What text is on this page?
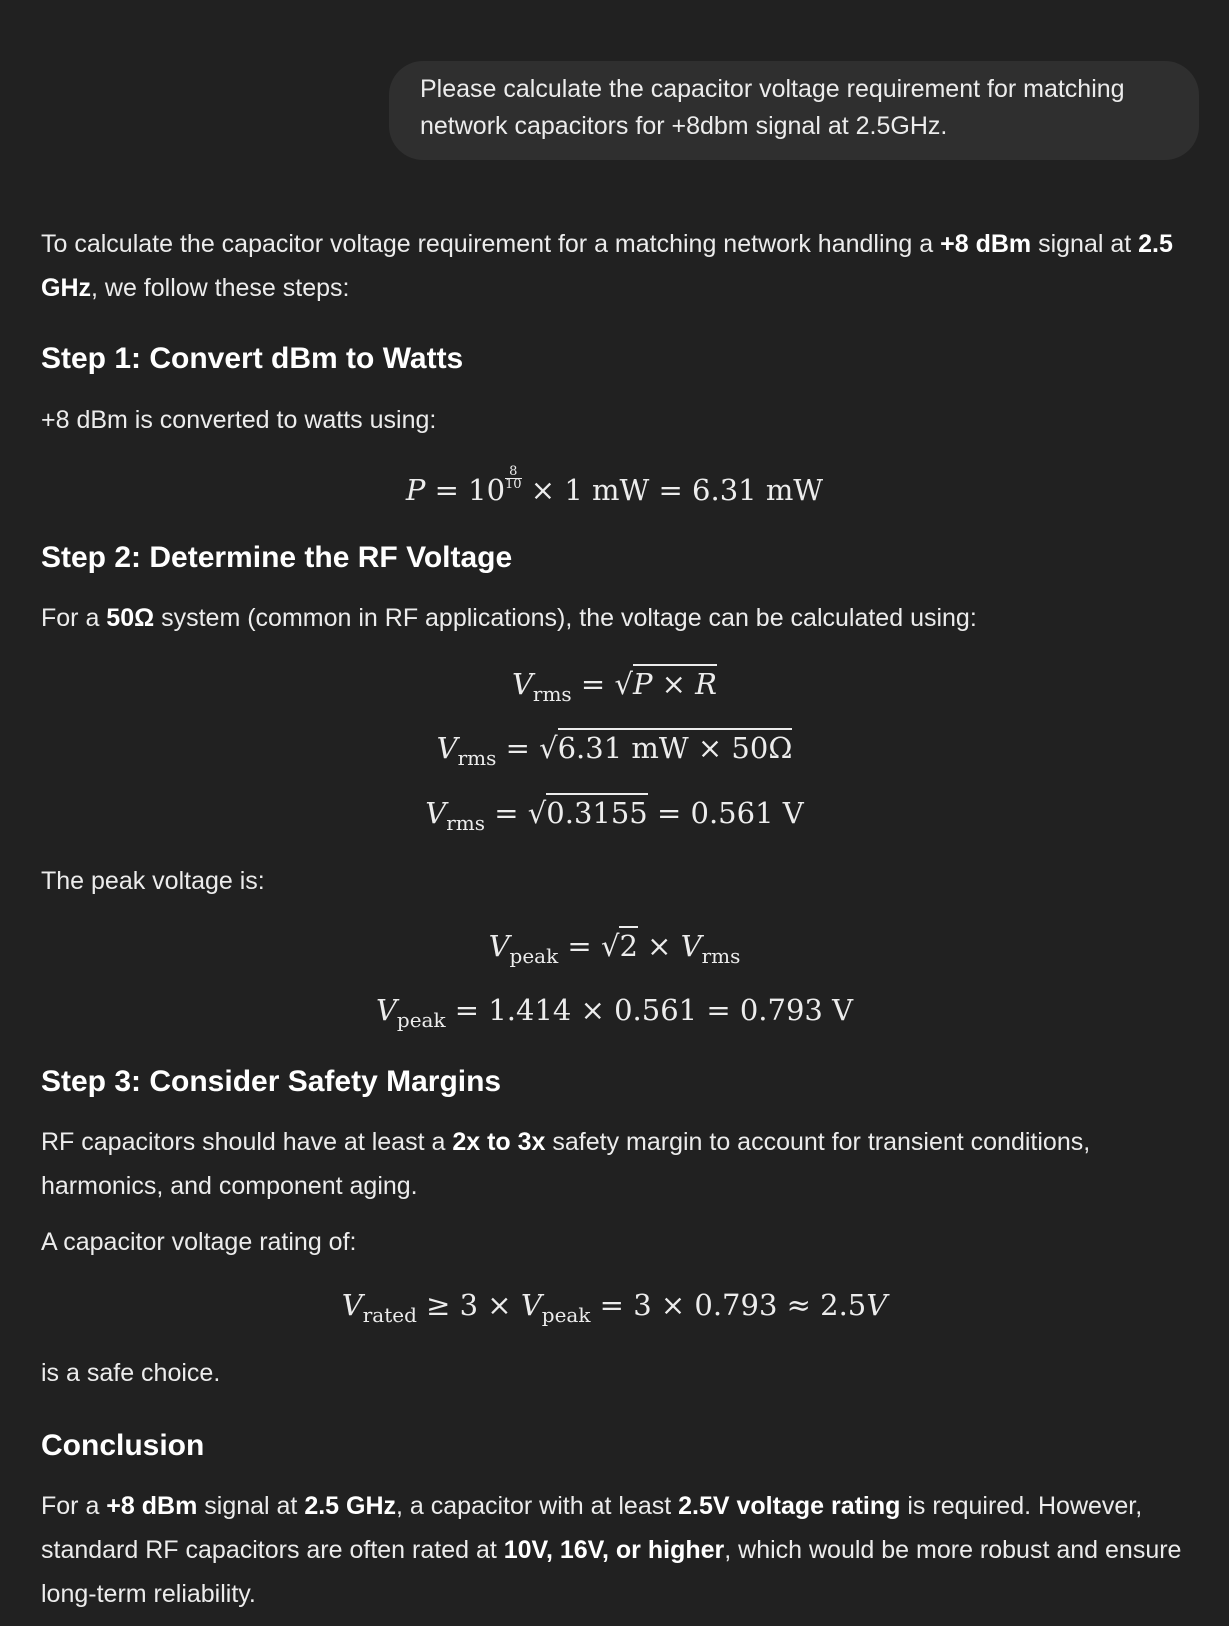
Please calculate the capacitor voltage requirement for matching network capacitors for +8dbm signal at 2.5GHz.

To calculate the capacitor voltage requirement for a matching network handling a +8 dBm signal at 2.5 GHz, we follow these steps:

Step 1: Convert dBm to Watts

+8 dBm is converted to watts using:

$P = 10 \frac{8}{10} \times 1$ mW = 6.31 mW
Step 2: Determine the RF Voltage

For a 50Ω system (common in RF applications), the voltage can be calculated using:

$V_{rms} = √P \times R$
$V_{rms} = √6.31$ mW × 50Ω
$V_{rms} = √0.3155 = 0.561$ V

The peak voltage is:

$V_{peak} = √2 \times V_{rms}$
$V_{peak} = 1.414 \times 0.561 = 0.793$ V
Step 3: Consider Safety Margins

RF capacitors should have at least a 2x to 3x safety margin to account for transient conditions, harmonics, and component aging.

A capacitor voltage rating of:

$V_{rated} \ge 3 \times V_{peak} = 3 \times 0.793 \approx 2.5V$

is a safe choice.

Conclusion

For a +8 dBm signal at 2.5 GHz, a capacitor with at least 2.5V voltage rating is required. However, standard RF capacitors are often rated at 10V, 16V, or higher, which would be more robust and ensure long-term reliability.
